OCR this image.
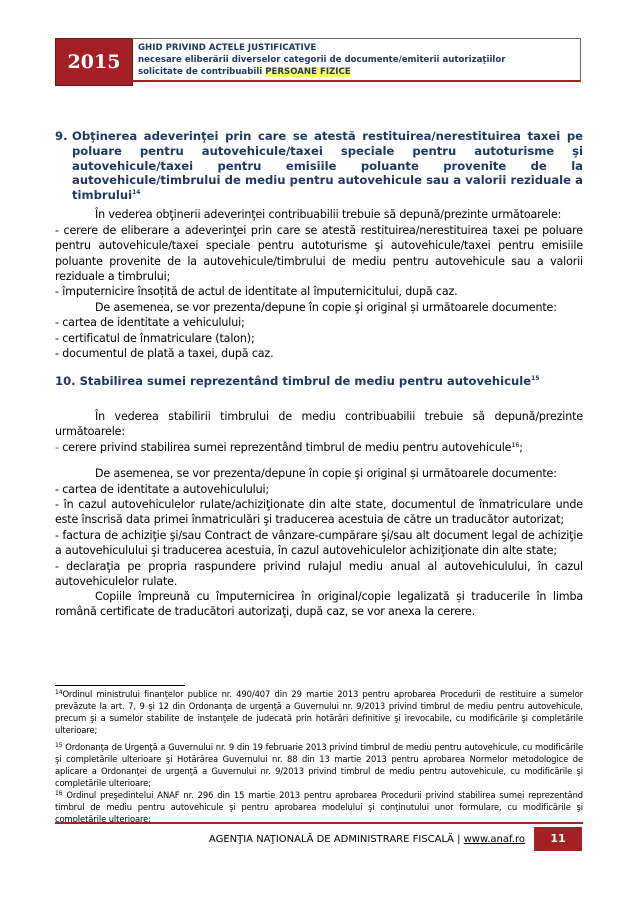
2015
GHID PRIVIND ACTELE JUSTIFICATIVE
necesare eliberării diverselor categorii de documente/emiterii autorizaţiilor
solicitate de contribuabili PERSOANE FIZICE
9. Obţinerea adeverinţei prin care se atestă restituirea/nerestituirea taxei pe poluare pentru autovehicule/taxei speciale pentru autoturisme şi autovehicule/taxei pentru emisiile poluante provenite de la autovehicule/timbrului de mediu pentru autovehicule sau a valorii reziduale a timbrului$^{14}$
În vederea obţinerii adeverinţei contribuabilii trebuie să depună/prezinte următoarele:
- cerere de eliberare a adeverinţei prin care se atestă restituirea/nerestituirea taxei pe poluare pentru autovehicule/taxei speciale pentru autoturisme şi autovehicule/taxei pentru emisiile poluante provenite de la autovehicule/timbrului de mediu pentru autovehicule sau a valorii reziduale a timbrului;
- împuternicire însoțită de actul de identitate al împuternicitului, după caz.
De asemenea, se vor prezenta/depune în copie şi original și următoarele documente:
- cartea de identitate a vehiculului;
- certificatul de înmatriculare (talon);
- documentul de plată a taxei, după caz.
10. Stabilirea sumei reprezentând timbrul de mediu pentru autovehicule$^{15}$
În vederea stabilirii timbrului de mediu contribuabilii trebuie să depună/prezinte următoarele:
- cerere privind stabilirea sumei reprezentând timbrul de mediu pentru autovehicule$^{16}$;
De asemenea, se vor prezenta/depune în copie şi original și următoarele documente:
- cartea de identitate a autovehiculului;
- în cazul autovehiculelor rulate/achiziţionate din alte state, documentul de înmatriculare unde este înscrisă data primei înmatriculări şi traducerea acestuia de către un traducător autorizat;
- factura de achiziţie şi/sau Contract de vânzare-cumpărare şi/sau alt document legal de achiziţie a autovehiculului şi traducerea acestuia, în cazul autovehiculelor achiziţionate din alte state;
- declaraţia pe propria raspundere privind rulajul mediu anual al autovehiculului, în cazul autovehiculelor rulate.
Copiile împreună cu împuternicirea în original/copie legalizată și traducerile în limba română certificate de traducători autorizaţi, după caz, se vor anexa la cerere.
$^{14}$Ordinul ministrului finanţelor publice nr. 490/407 din 29 martie 2013 pentru aprobarea Procedurii de restituire a sumelor prevăzute la art. 7, 9 şi 12 din Ordonanţa de urgenţă a Guvernului nr. 9/2013 privind timbrul de mediu pentru autovehicule, precum şi a sumelor stabilite de instanţele de judecată prin hotărâri definitive şi irevocabile, cu modificările şi completările ulterioare;
$^{15}$ Ordonanţa de Urgenţă a Guvernului nr. 9 din 19 februarie 2013 privind timbrul de mediu pentru autovehicule, cu modificările şi completările ulterioare şi Hotărârea Guvernului nr. 88 din 13 martie 2013 pentru aprobarea Normelor metodologice de aplicare a Ordonanţei de urgenţă a Guvernului nr. 9/2013 privind timbrul de mediu pentru autovehicule, cu modificările şi completările ulterioare;
$^{16}$ Ordinul preşedintelui ANAF nr. 296 din 15 martie 2013 pentru aprobarea Procedurii privind stabilirea sumei reprezentând timbrul de mediu pentru autovehicule şi pentru aprobarea modelului şi conţinutului unor formulare, cu modificările şi completările ulterioare;
AGENŢIA NAŢIONALĂ DE ADMINISTRARE FISCALĂ | www.anaf.ro	11
